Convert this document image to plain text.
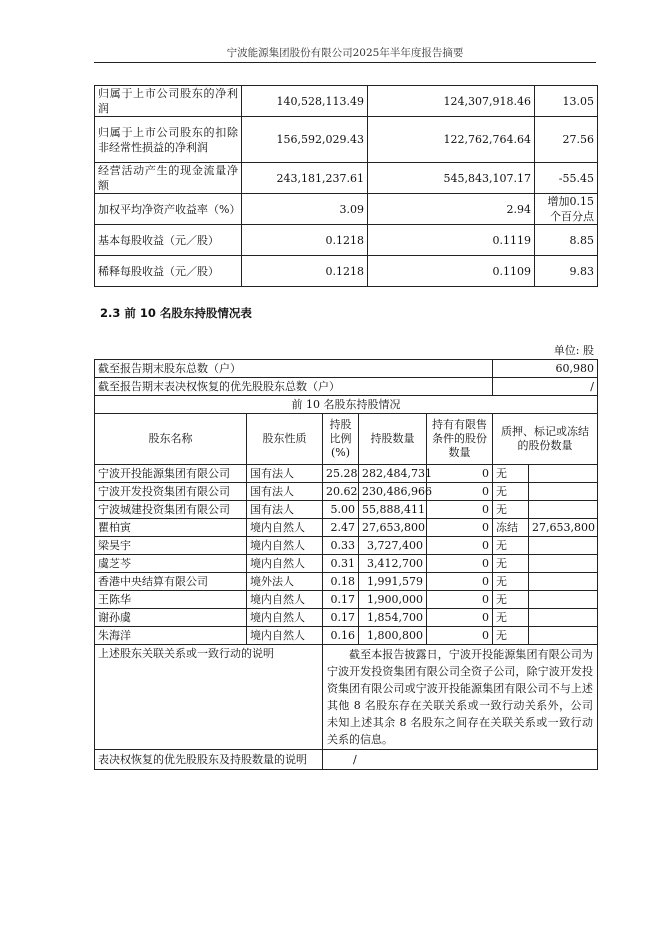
宁波能源集团股份有限公司2025年半年度报告摘要
归属于上市公司股东的净利润	140,528,113.49	124,307,918.46	13.05
归属于上市公司股东的扣除非经常性损益的净利润	156,592,029.43	122,762,764.64	27.56
经营活动产生的现金流量净额	243,181,237.61	545,843,107.17	-55.45
加权平均净资产收益率（%）	3.09	2.94	增加0.15个百分点
基本每股收益（元／股）	0.1218	0.1119	8.85
稀释每股收益（元／股）	0.1218	0.1109	9.83
2.3 前 10 名股东持股情况表
单位: 股
截至报告期末股东总数（户）					60,980	
截至报告期末表决权恢复的优先股股东总数（户）					/	
前 10 名股东持股情况						
股东名称	股东性质	持股比例(%)	持股数量	持有有限售条件的股份数量	质押、标记或冻结的股份数量	
宁波开投能源集团有限公司	国有法人	25.28	282,484,731	0	无	
宁波开发投资集团有限公司	国有法人	20.62	230,486,966	0	无	
宁波城建投资集团有限公司	国有法人	5.00	55,888,411	0	无	
瞿柏寅	境内自然人	2.47	27,653,800	0	冻结	27,653,800
梁昊宇	境内自然人	0.33	3,727,400	0	无	
虞芝芩	境内自然人	0.31	3,412,700	0	无	
香港中央结算有限公司	境外法人	0.18	1,991,579	0	无	
王陈华	境内自然人	0.17	1,900,000	0	无	
谢孙虞	境内自然人	0.17	1,854,700	0	无	
朱海洋	境内自然人	0.16	1,800,800	0	无	
上述股东关联关系或一致行动的说明		截至本报告披露日，宁波开投能源集团有限公司为宁波开发投资集团有限公司全资子公司，除宁波开发投资集团有限公司或宁波开投能源集团有限公司不与上述其他 8 名股东存在关联关系或一致行动关系外，公司未知上述其余 8 名股东之间存在关联关系或一致行动关系的信息。				
表决权恢复的优先股股东及持股数量的说明		/				
